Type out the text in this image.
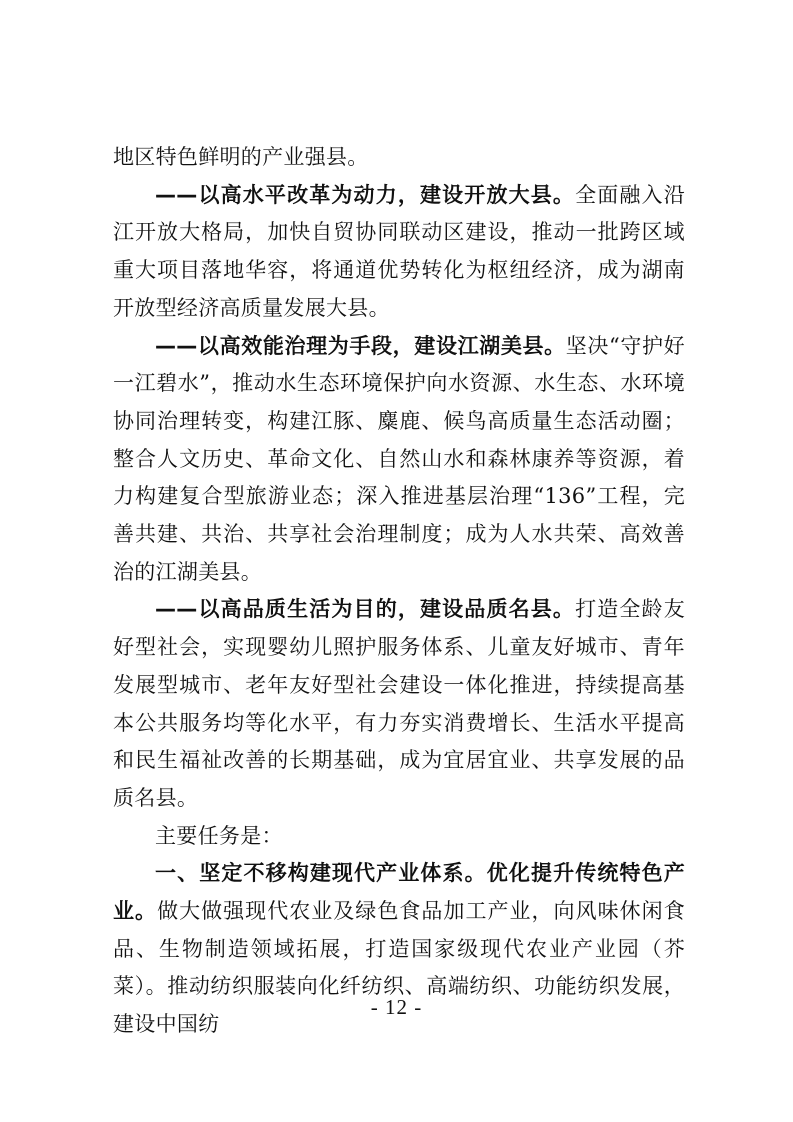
地区特色鲜明的产业强县。

——以高水平改革为动力，建设开放大县。全面融入沿江开放大格局，加快自贸协同联动区建设，推动一批跨区域重大项目落地华容，将通道优势转化为枢纽经济，成为湖南开放型经济高质量发展大县。

——以高效能治理为手段，建设江湖美县。坚决“守护好一江碧水”，推动水生态环境保护向水资源、水生态、水环境协同治理转变，构建江豚、麋鹿、候鸟高质量生态活动圈；整合人文历史、革命文化、自然山水和森林康养等资源，着力构建复合型旅游业态；深入推进基层治理“136”工程，完善共建、共治、共享社会治理制度；成为人水共荣、高效善治的江湖美县。

——以高品质生活为目的，建设品质名县。打造全龄友好型社会，实现婴幼儿照护服务体系、儿童友好城市、青年发展型城市、老年友好型社会建设一体化推进，持续提高基本公共服务均等化水平，有力夯实消费增长、生活水平提高和民生福祉改善的长期基础，成为宜居宜业、共享发展的品质名县。

主要任务是：

一、坚定不移构建现代产业体系。优化提升传统特色产业。做大做强现代农业及绿色食品加工产业，向风味休闲食品、生物制造领域拓展，打造国家级现代农业产业园（芥菜）。推动纺织服装向化纤纺织、高端纺织、功能纺织发展，建设中国纺

- 12 -
